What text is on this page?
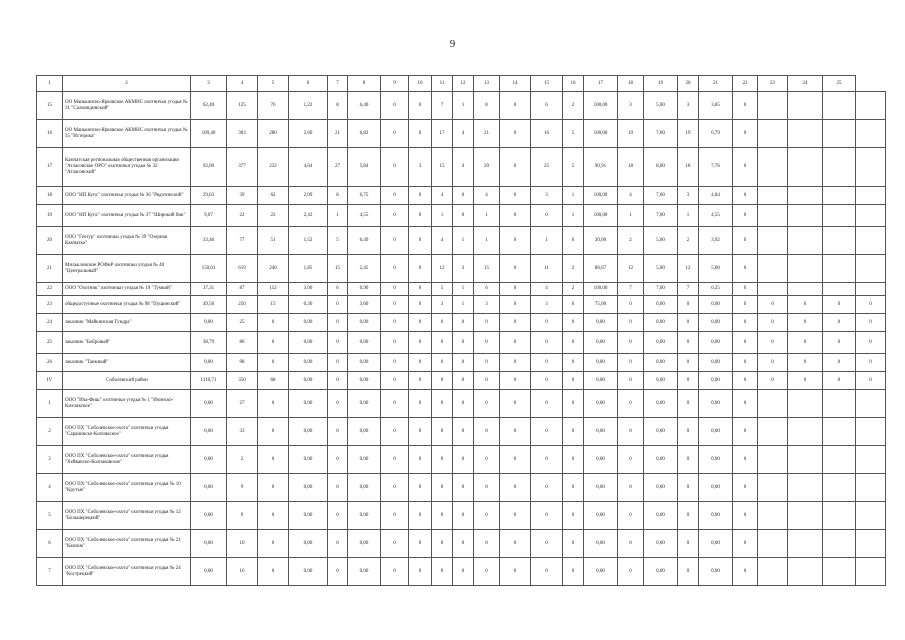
9
1	2	3	4	5	6	7	8	9	10	11	12	13	14	15	16	17	18	19	20	21	22	23	24	25	
15	ОО Манькинско-Ярковское АКМНС охотничьи угодья № 31 "Салмандинский"	62,40	125	76	1,22	8	6,40	0	0	7	1	8	0	6	2	100,00	3	5,00	3	3,85	0				
16	ОО Манькинско-Ярковское АКМНС охотничьи угодья № 35 "Истерика"	109,40	303	280	2,60	21	6,82	0	0	17	4	21	0	16	5	100,00	19	7,00	19	6,79	0				
17	Камчатская региональная общественная организация "Атласовское ОРО" охотничьи угодья № 32 "Атласовский"	92,00	377	232	4,64	27	5,84	0	3	15	4	20	0	25	5	90,91	18	8,00	18	7,76	0				
18	ООО "НП Купс" охотничьи угодья № 36 "Рядотинский"	29,63	39	62	2,09	8	6,75	0	0	4	0	4	0	3	1	100,00	4	7,00	3	4,84	0				
19	ООО "НП Купс" охотничьи угодья № 37 "Широкий бик"	9,07	22	22	2,43	1	4,55	0	0	1	0	1	0	0	1	100,00	1	7,00	1	4,55	0				
20	ООО "Геотур" охотничьи угодья № 39 "Озерная Камчатка"	33,46	77	51	1,52	5	6,49	0	0	4	1	1	0	1	0	20,00	2	5,00	2	3,92	0				
21	Милькловские РОФиР охотничьи угодья № 40 "Центральный"	150,01	619	240	1,85	15	2,45	0	0	12	3	15	0	11	2	86,67	12	5,00	12	5,00	0				
22	ООО "Охотник" охотничьи угодья № 19 "Тумкий"	37,31	87	112	3,00	6	6,90	0	0	5	1	6	0	4	2	100,00	7	7,00	7	6,25	0				
23	общедоступные охотничьи угодья № 98 "Пущинский"	49,50	250	15	0,30	0	3,60	0	0	3	1	3	0	3	0	75,00	0	0,00	0	0,00	0	0	0	0	0
24	заказник "Майкинская Тундра"	0,00	25	0	0,00	0	0,00	0	0	0	0	0	0	0	0	0,00	0	0,00	0	0,00	0	0	0	0	0
25	заказник "Бобровый"	38,79	86	0	0,00	0	0,00	0	0	0	0	0	0	0	0	0,00	0	0,00	0	0,00	0	0	0	0	0
26	заказник "Таежный"	0,00	98	0	0,00	0	0,00	0	0	0	0	0	0	0	0	0,00	0	0,00	0	0,00	0	0	0	0	0
IV	Соболевский район	1110,71	350	68	0,00	0	0,00	0	0	0	0	0	0	0	0	0,00	0	0,00	0	0,00	0	0	0	0	0
1	ООО "Ича-Фиш" охотничьи угодья № 1 "Ичинско-Кихчикское"	0,00	27	0	0,00	0	0,00	0	0	0	0	0	0	0	0	0,00	0	0,00	0	0,00	0				
2	ООО ПХ "Соболевское-охота" охотничьи угодья "Саранинско-Кихчикское"	0,00	33	0	0,00	0	0,00	0	0	0	0	0	0	0	0	0,00	0	0,00	0	0,00	0				
3	ООО ПХ "Соболевское-охота" охотничьи угодья "Хейванско-Колпаковское"	0,00	2	0	0,00	0	0,00	0	0	0	0	0	0	0	0	0,00	0	0,00	0	0,00	0				
4	ООО ПХ "Соболевское-охота" охотничьи угодья № 10 "Крутые"	0,00	9	0	0,00	0	0,00	0	0	0	0	0	0	0	0	0,00	0	0,00	0	0,00	0				
5	ООО ПХ "Соболевское-охота" охотничьи угодья № 12 "Большерецкий"	0,00	9	0	0,00	0	0,00	0	0	0	0	0	0	0	0	0,00	0	0,00	0	0,00	0				
6	ООО ПХ "Соболевское-охота" охотничьи угодья № 21 "Камчик"	0,00	10	0	0,00	0	0,00	0	0	0	0	0	0	0	0	0,00	0	0,00	0	0,00	0				
7	ООО ПХ "Соболевское-охота" охотничьи угодья № 24 "Кострецкий"	0,00	16	0	0,00	0	0,00	0	0	0	0	0	0	0	0	0,00	0	0,00	0	0,00	0				
